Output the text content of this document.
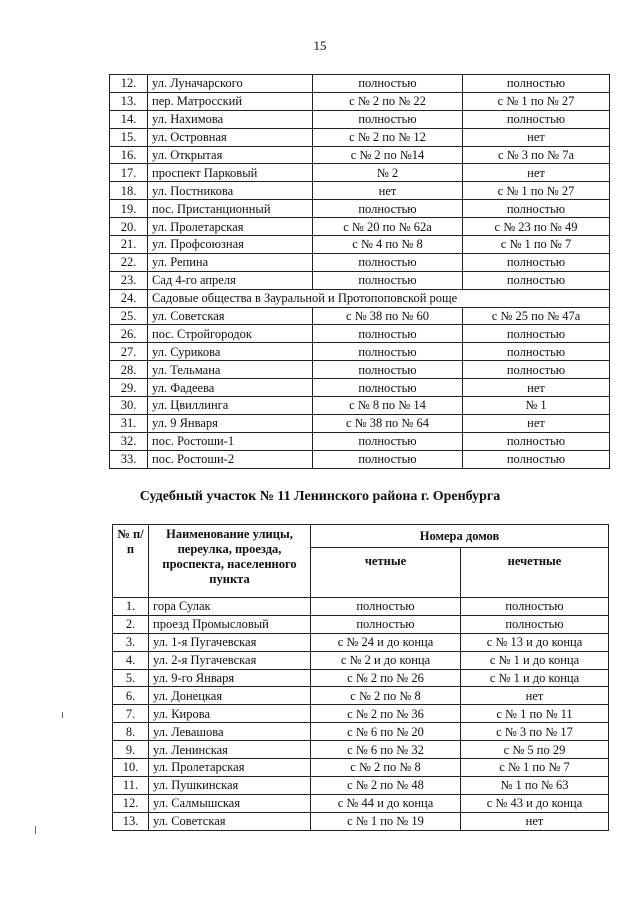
15
12.	ул. Луначарского	полностью	полностью
13.	пер. Матросский	с № 2 по № 22	с № 1 по № 27
14.	ул. Нахимова	полностью	полностью
15.	ул. Островная	с № 2 по № 12	нет
16.	ул. Открытая	с № 2 по №14	с № 3 по № 7а
17.	проспект Парковый	№ 2	нет
18.	ул. Постникова	нет	с № 1 по № 27
19.	пос. Пристанционный	полностью	полностью
20.	ул. Пролетарская	с № 20 по № 62а	с № 23 по № 49
21.	ул. Профсоюзная	с № 4 по № 8	с № 1 по № 7
22.	ул. Репина	полностью	полностью
23.	Сад 4-го апреля	полностью	полностью
24.	Садовые общества в Зауральной и Протопоповской роще		
25.	ул. Советская	с № 38 по № 60	с № 25 по № 47а
26.	пос. Стройгородок	полностью	полностью
27.	ул. Сурикова	полностью	полностью
28.	ул. Тельмана	полностью	полностью
29.	ул. Фадеева	полностью	нет
30.	ул. Цвиллинга	с № 8 по № 14	№ 1
31.	ул. 9 Января	с № 38 по № 64	нет
32.	пос. Ростоши-1	полностью	полностью
33.	пос. Ростоши-2	полностью	полностью
Судебный участок № 11 Ленинского района г. Оренбурга
№ п/п	Наименование улицы, переулка, проезда, проспекта, населенного пункта	Номера домов	
		четные	нечетные
1.	гора Сулак	полностью	полностью
2.	проезд Промысловый	полностью	полностью
3.	ул. 1-я Пугачевская	с № 24 и до конца	с № 13 и до конца
4.	ул. 2-я Пугачевская	с № 2 и до конца	с № 1 и до конца
5.	ул. 9-го Января	с № 2 по № 26	с № 1 и до конца
6.	ул. Донецкая	с № 2 по № 8	нет
7.	ул. Кирова	с № 2 по № 36	с № 1 по № 11
8.	ул. Левашова	с № 6 по № 20	с № 3 по № 17
9.	ул. Ленинская	с № 6 по № 32	с № 5 по 29
10.	ул. Пролетарская	с № 2 по № 8	с № 1 по № 7
11.	ул. Пушкинская	с № 2 по № 48	№ 1 по № 63
12.	ул. Салмышская	с № 44 и до конца	с № 43 и до конца
13.	ул. Советская	с № 1 по № 19	нет
